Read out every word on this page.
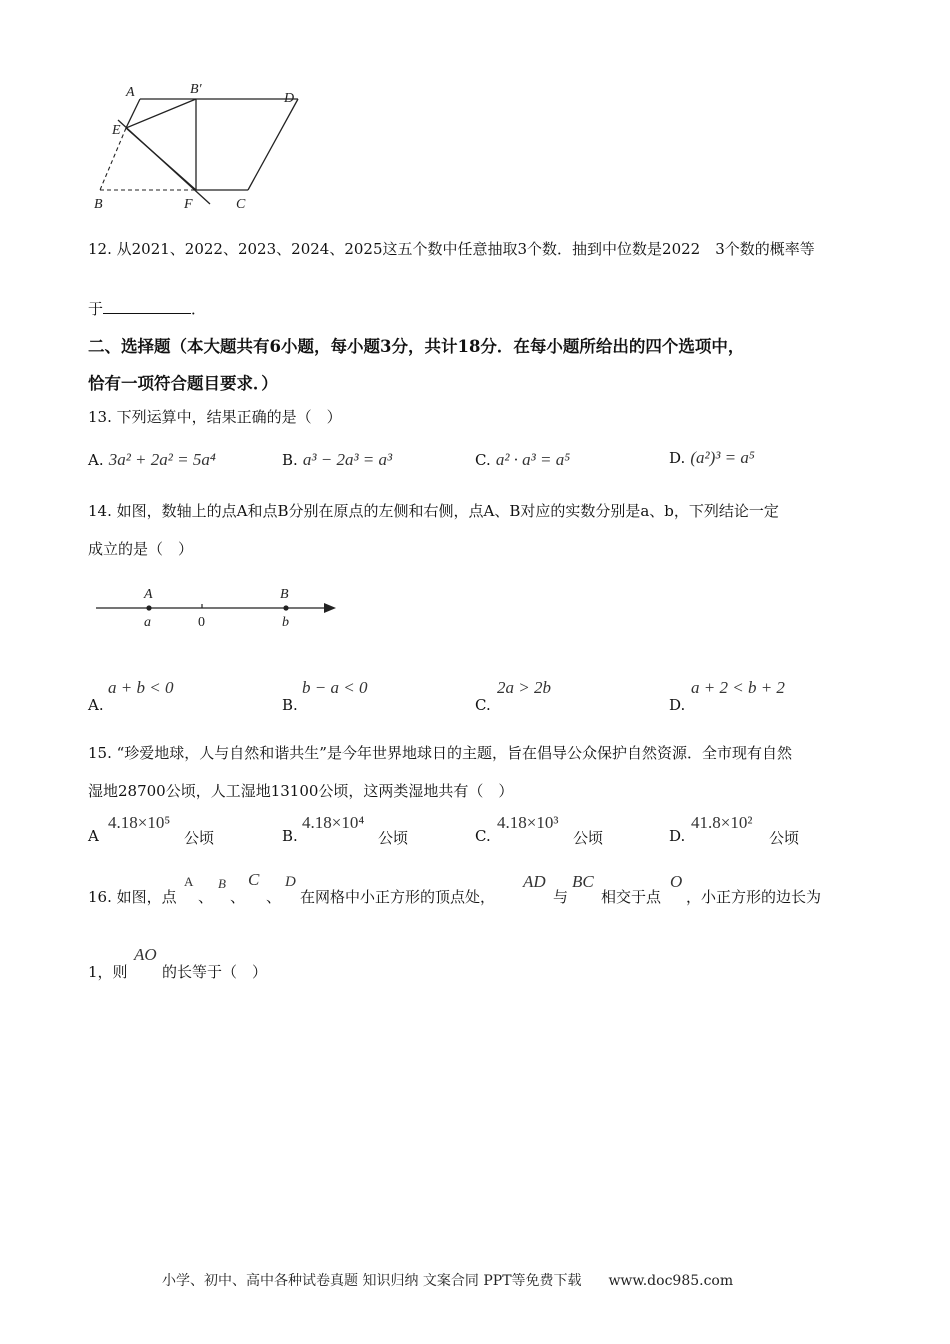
A	B′
D
E
B	F	C
12. 从2021、2022、2023、2024、2025这五个数中任意抽取3个数．抽到中位数是2022　3个数的概率等
于	．
二、选择题（本大题共有6小题，每小题3分，共计18分．在每小题所给出的四个选项中，
恰有一项符合题目要求．）
13. 下列运算中，结果正确的是（　）
A. 3a² + 2a² = 5a⁴	B. a³ − 2a³ = a³	C. a² · a³ = a⁵	D. (a²)³ = a⁵
14. 如图，数轴上的点A和点B分别在原点的左侧和右侧，点A、B对应的实数分别是a、b，下列结论一定
成立的是（　）
A	B
a	0	b
A.
a + b < 0
B.
b − a < 0
C.
2a > 2b
D.
a + 2 < b + 2
15. “珍爱地球，人与自然和谐共生”是今年世界地球日的主题，旨在倡导公众保护自然资源．全市现有自然
湿地28700公顷，人工湿地13100公顷，这两类湿地共有（　）
A
4.18×10⁵
公顷	B.
4.18×10⁴
公顷	C.
4.18×10³
公顷	D.
41.8×10²
公顷
16. 如图，点
A
、
B
、
C
、
D
在网格中小正方形的顶点处，
AD
与
BC
相交于点
O
，小正方形的边长为
1，则
AO
的长等于（　）
小学、初中、高中各种试卷真题 知识归纳 文案合同 PPT等免费下载 www.doc985.com
